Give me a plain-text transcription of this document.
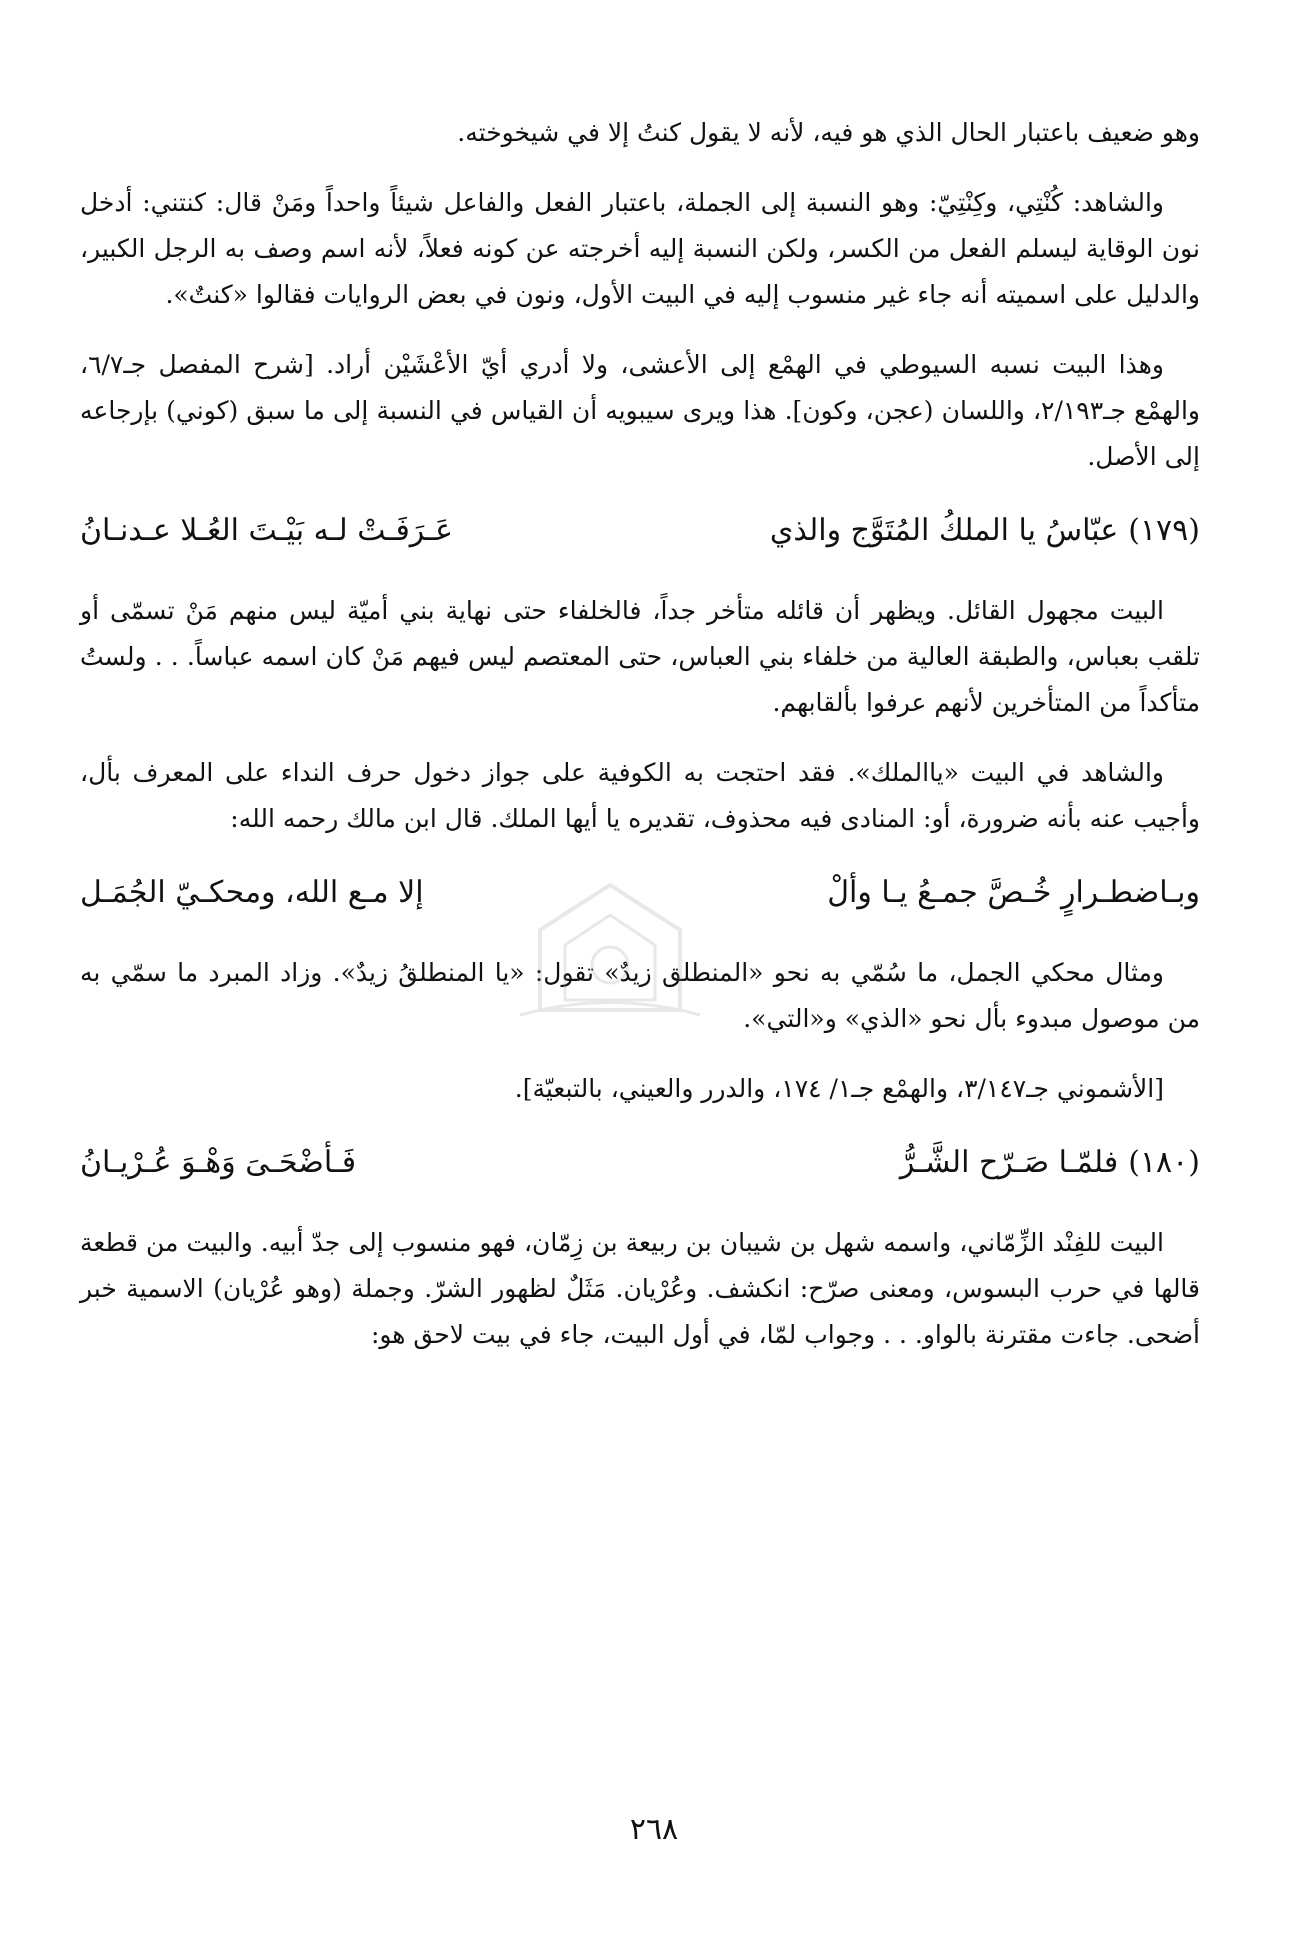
وهو ضعيف باعتبار الحال الذي هو فيه، لأنه لا يقول كنتُ إلا في شيخوخته.

والشاهد: كُنْتِي، وكِنْتِيّ: وهو النسبة إلى الجملة، باعتبار الفعل والفاعل شيئاً واحداً ومَنْ قال: كنتني: أدخل نون الوقاية ليسلم الفعل من الكسر، ولكن النسبة إليه أخرجته عن كونه فعلاً، لأنه اسم وصف به الرجل الكبير، والدليل على اسميته أنه جاء غير منسوب إليه في البيت الأول، ونون في بعض الروايات فقالوا «كنتٌ».

وهذا البيت نسبه السيوطي في الهمْع إلى الأعشى، ولا أدري أيّ الأعْشَيْن أراد. [شرح المفصل جـ٦/٧، والهمْع جـ٢/١٩٣، واللسان (عجن، وكون]. هذا ويرى سيبويه أن القياس في النسبة إلى ما سبق (كوني) بإرجاعه إلى الأصل.

(١٧٩)عبّاسُ يا الملكُ المُتَوَّج والذي
عَـرَفَـتْ لـه بَيْـتَ العُـلا عـدنـانُ

البيت مجهول القائل. ويظهر أن قائله متأخر جداً، فالخلفاء حتى نهاية بني أميّة ليس منهم مَنْ تسمّى أو تلقب بعباس، والطبقة العالية من خلفاء بني العباس، حتى المعتصم ليس فيهم مَنْ كان اسمه عباساً. . . ولستُ متأكداً من المتأخرين لأنهم عرفوا بألقابهم.

والشاهد في البيت «ياالملك». فقد احتجت به الكوفية على جواز دخول حرف النداء على المعرف بأل، وأجيب عنه بأنه ضرورة، أو: المنادى فيه محذوف، تقديره يا أيها الملك. قال ابن مالك رحمه الله:

وبـاضطـرارٍ خُـصَّ جمـعُ يـا وألْ
إلا مـع الله، ومحكـيّ الجُمَـل

ومثال محكي الجمل، ما سُمّي به نحو «المنطلق زيدٌ» تقول: «يا المنطلقُ زيدٌ». وزاد المبرد ما سمّي به من موصول مبدوء بأل نحو «الذي» و«التي».

[الأشموني جـ٣/١٤٧، والهمْع جـ١/ ١٧٤، والدرر والعيني، بالتبعيّة].

(١٨٠)فلمّـا صَـرّح الشَّـرُّ
فَـأضْحَـىَ وَهْـوَ عُـرْيـانُ

البيت للفِنْد الزِّمّاني، واسمه شهل بن شيبان بن ربيعة بن زِمّان، فهو منسوب إلى جدّ أبيه. والبيت من قطعة قالها في حرب البسوس، ومعنى صرّح: انكشف. وعُرْيان. مَثَلٌ لظهور الشرّ. وجملة (وهو عُرْيان) الاسمية خبر أضحى. جاءت مقترنة بالواو. . . وجواب لمّا، في أول البيت، جاء في بيت لاحق هو:

٢٦٨
